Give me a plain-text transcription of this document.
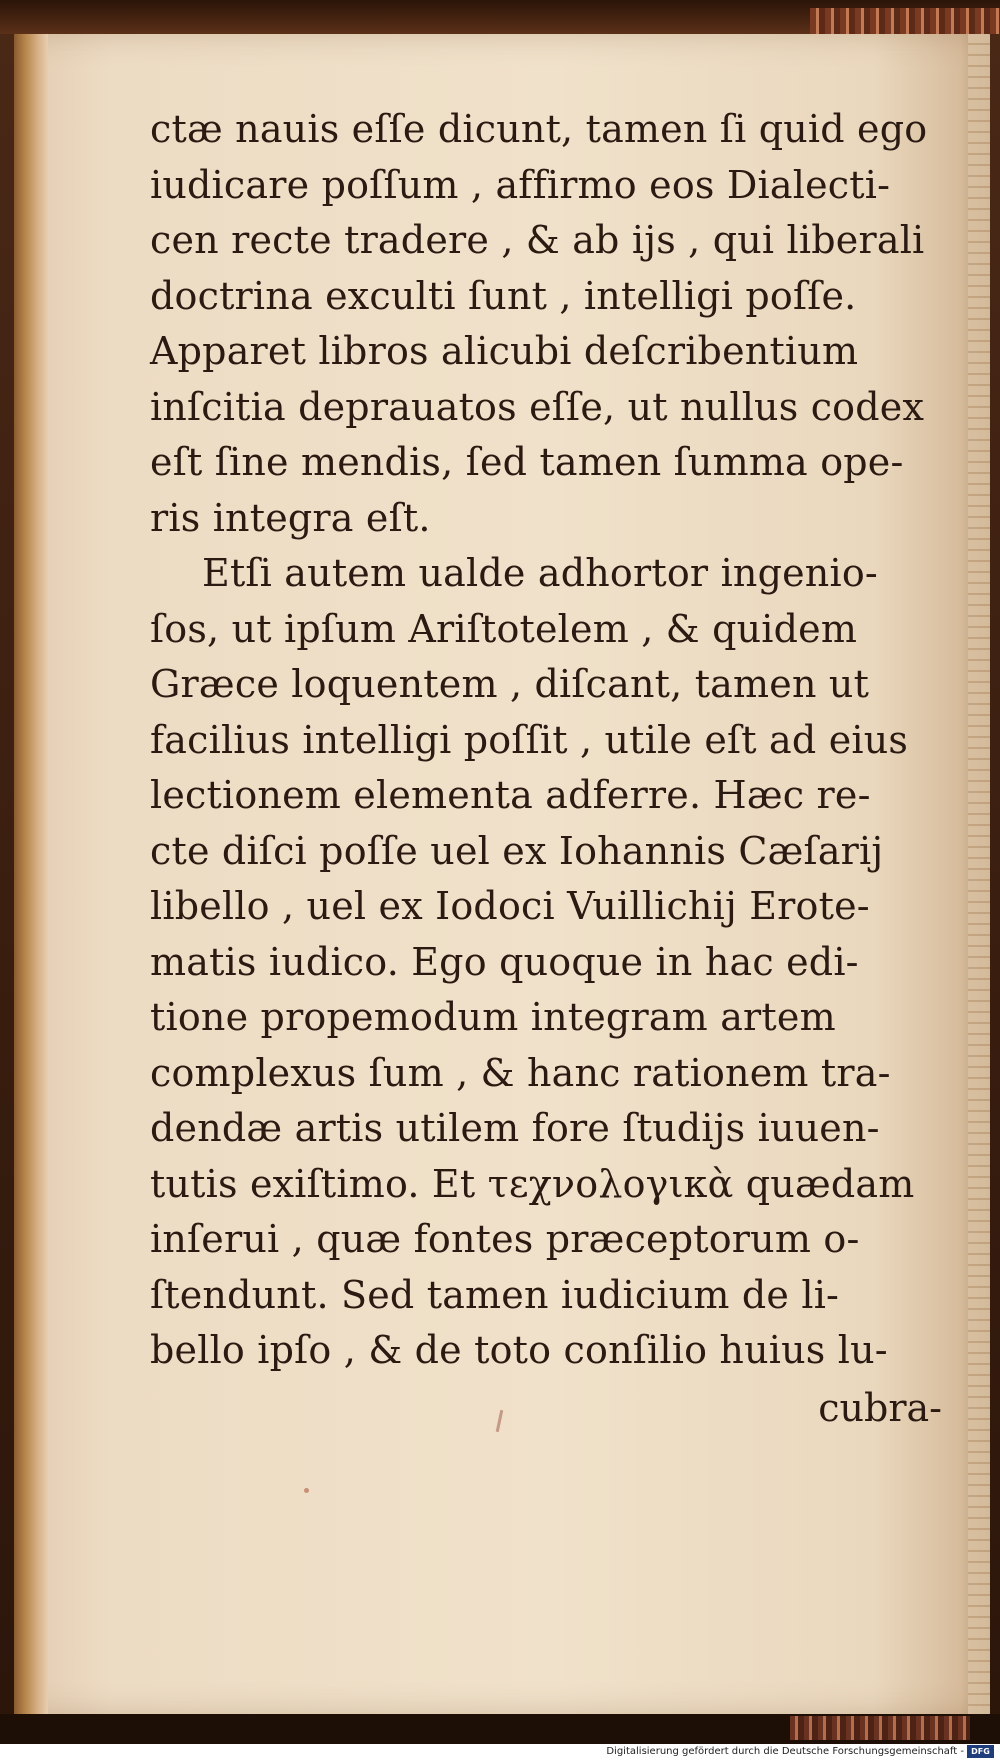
ctæ nauis eſſe dicunt, tamen ſi quid ego
iudicare poſſum , affirmo eos Dialecti-
cen recte tradere , & ab ijs , qui liberali
doctrina exculti ſunt , intelligi poſſe.
Apparet libros alicubi deſcribentium
inſcitia deprauatos eſſe, ut nullus codex
eſt ſine mendis, ſed tamen ſumma ope-
ris integra eſt.
Etſi autem ualde adhortor ingenio-
ſos, ut ipſum Ariſtotelem , & quidem
Græce loquentem , diſcant, tamen ut
facilius intelligi poſſit , utile eſt ad eius
lectionem elementa adferre. Hæc re-
cte diſci poſſe uel ex Iohannis Cæſarij
libello , uel ex Iodoci Vuillichij Erote-
matis iudico. Ego quoque in hac edi-
tione propemodum integram artem
complexus ſum , & hanc rationem tra-
dendæ artis utilem fore ſtudijs iuuen-
tutis exiſtimo. Et τεχνολογικὰ quædam
inſerui , quæ fontes præceptorum o-
ſtendunt. Sed tamen iudicium de li-
bello ipſo , & de toto conſilio huius lu-
cubra-
Digitalisierung gefördert durch die Deutsche Forschungsgemeinschaft - DFG
